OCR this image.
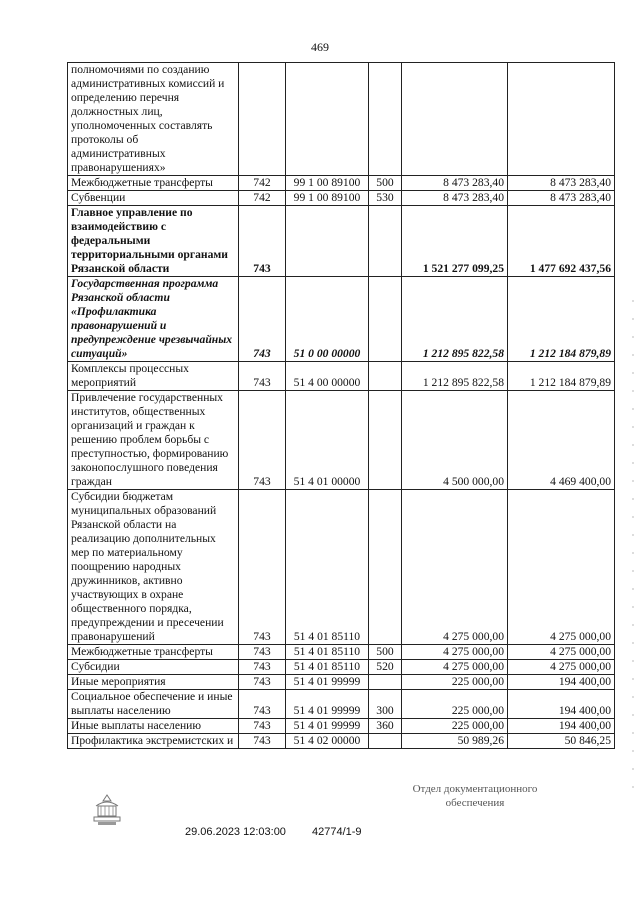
469
полномочиями по созданию административных комиссий и определению перечня должностных лиц, уполномоченных составлять протоколы об административных правонарушениях»					
Межбюджетные трансферты	742	99 1 00 89100	500	8 473 283,40	8 473 283,40
Субвенции	742	99 1 00 89100	530	8 473 283,40	8 473 283,40
Главное управление по взаимодействию с федеральными территориальными органами Рязанской области	743			1 521 277 099,25	1 477 692 437,56
Государственная программа Рязанской области «Профилактика правонарушений и предупреждение чрезвычайных ситуаций»	743	51 0 00 00000		1 212 895 822,58	1 212 184 879,89
Комплексы процессных мероприятий	743	51 4 00 00000		1 212 895 822,58	1 212 184 879,89
Привлечение государственных институтов, общественных организаций и граждан к решению проблем борьбы с преступностью, формированию законопослушного поведения граждан	743	51 4 01 00000		4 500 000,00	4 469 400,00
Субсидии бюджетам муниципальных образований Рязанской области на реализацию дополнительных мер по материальному поощрению народных дружинников, активно участвующих в охране общественного порядка, предупреждении и пресечении правонарушений	743	51 4 01 85110		4 275 000,00	4 275 000,00
Межбюджетные трансферты	743	51 4 01 85110	500	4 275 000,00	4 275 000,00
Субсидии	743	51 4 01 85110	520	4 275 000,00	4 275 000,00
Иные мероприятия	743	51 4 01 99999		225 000,00	194 400,00
Социальное обеспечение и иные выплаты населению	743	51 4 01 99999	300	225 000,00	194 400,00
Иные выплаты населению	743	51 4 01 99999	360	225 000,00	194 400,00
Профилактика экстремистских и	743	51 4 02 00000		50 989,26	50 846,25
29.06.2023 12:03:00 42774/1-9
Отдел документационного
обеспечения
